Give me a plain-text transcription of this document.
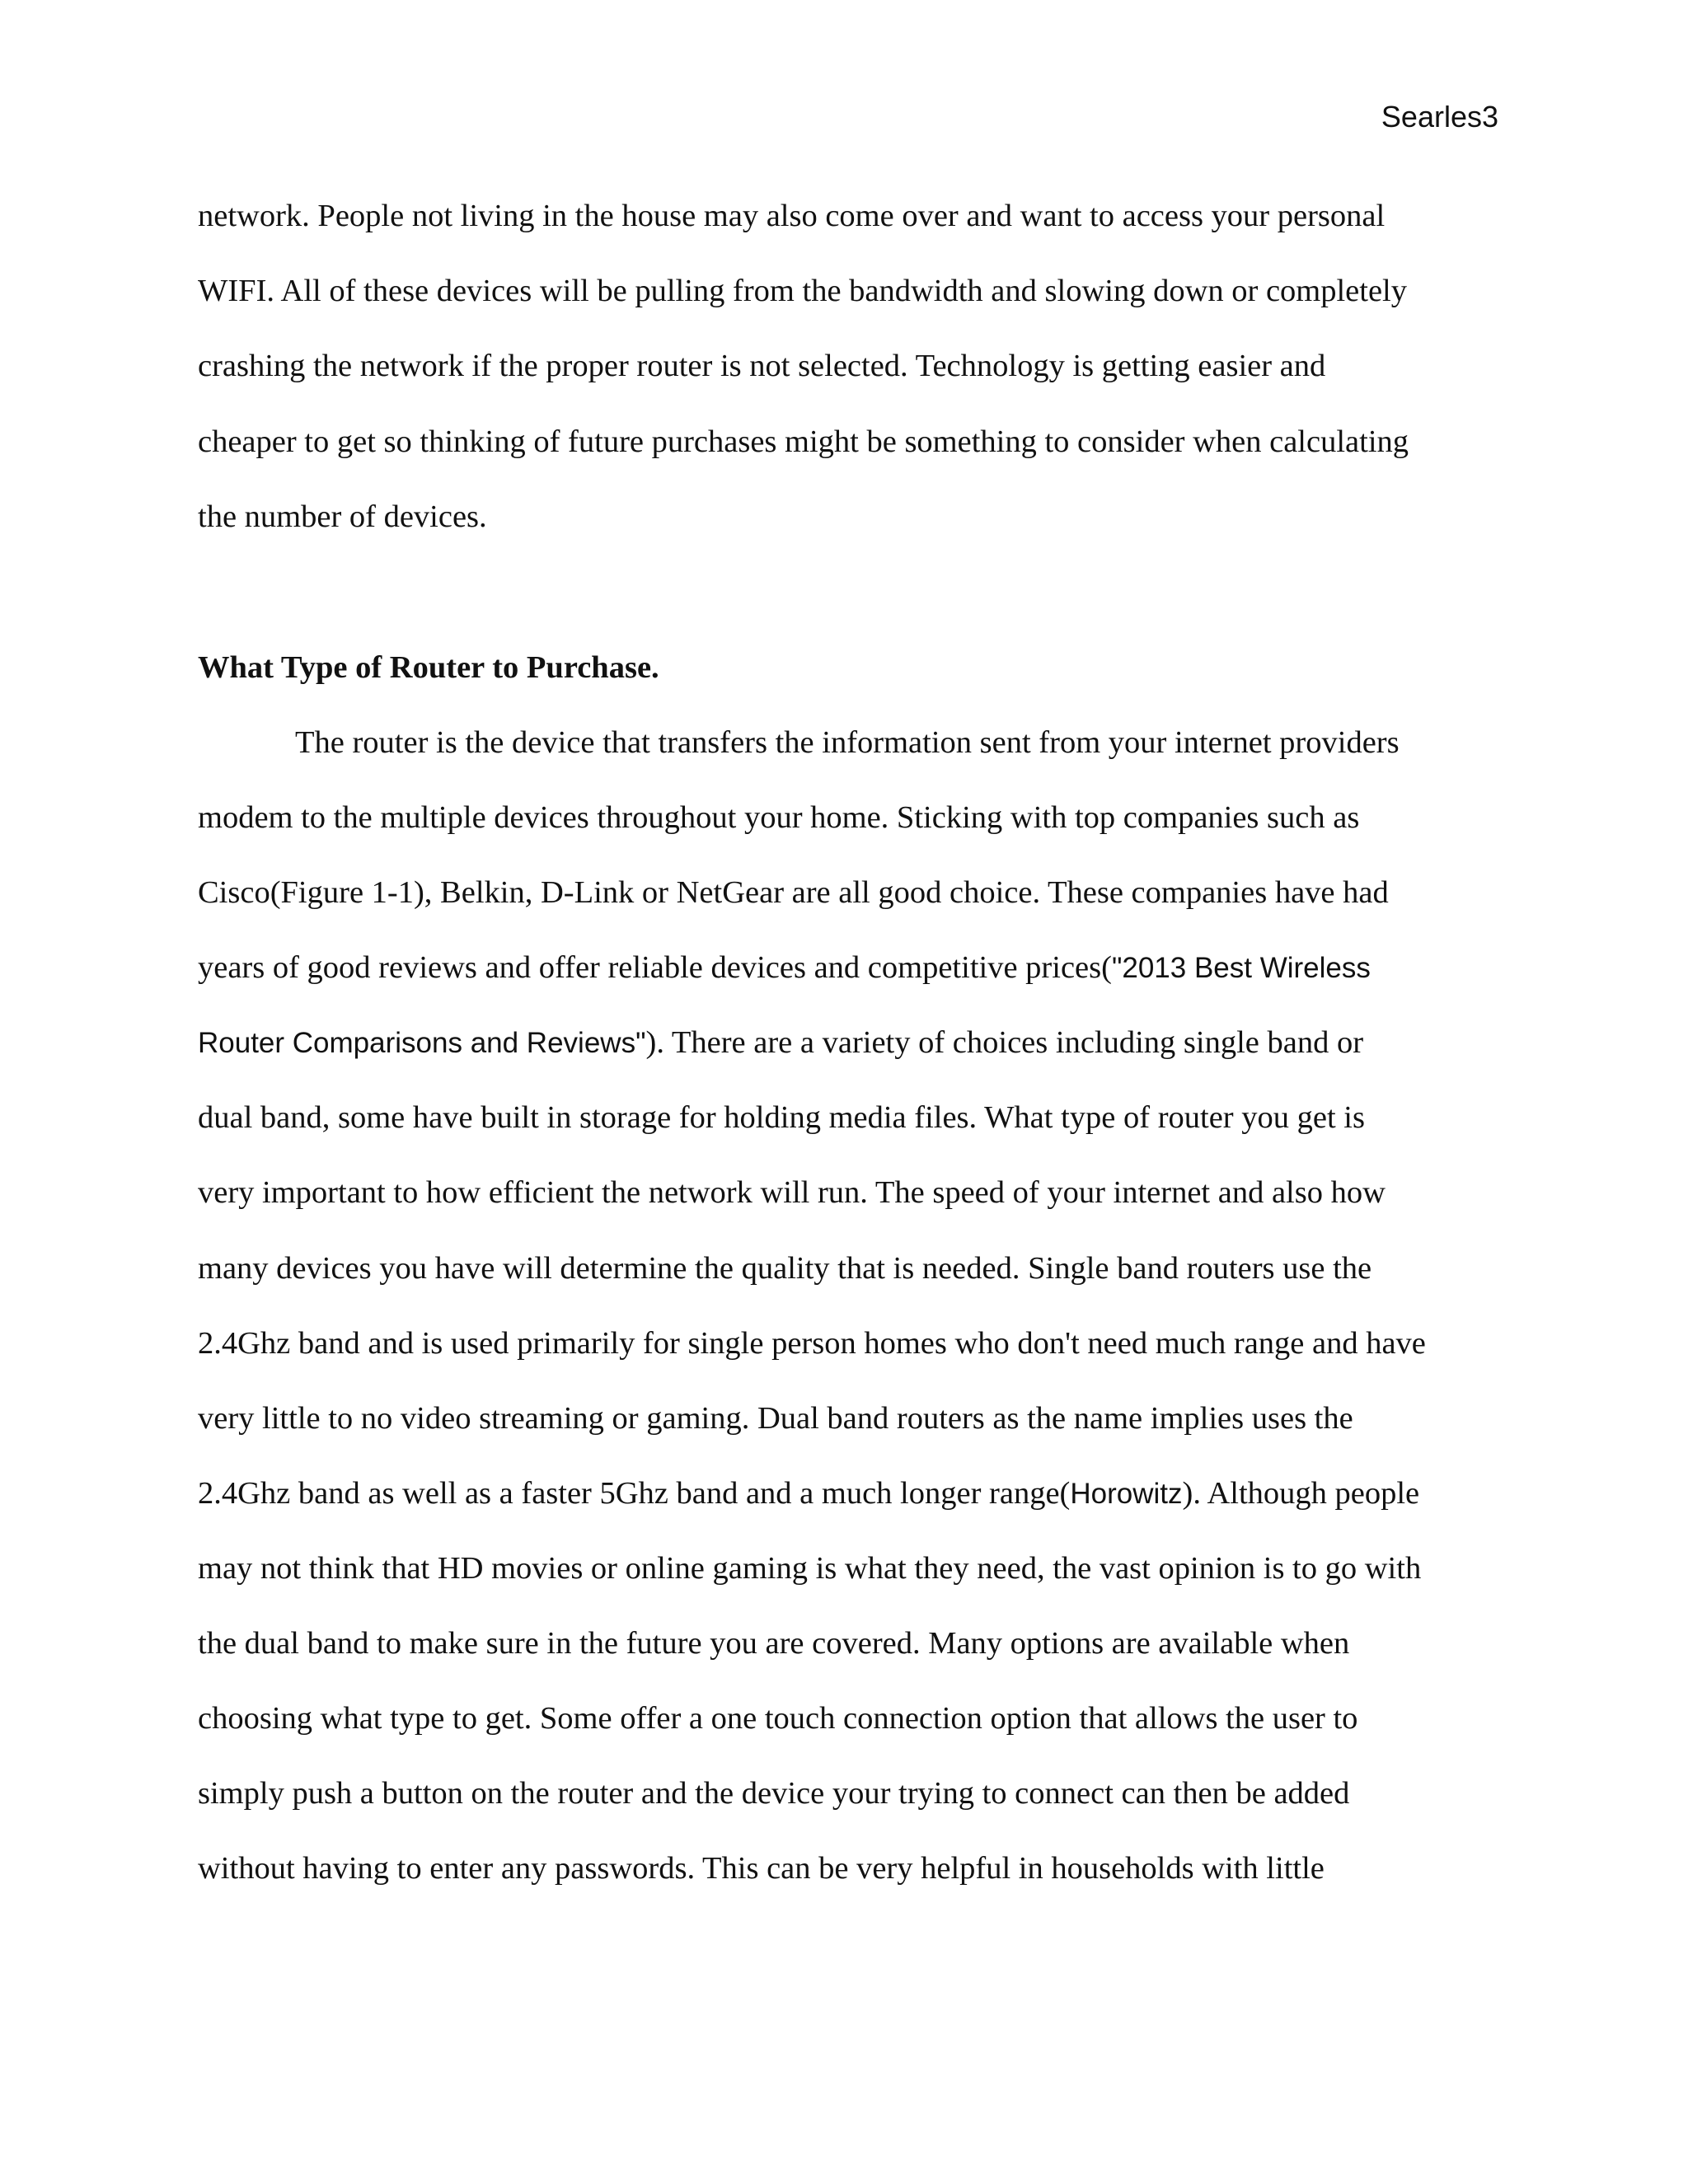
Searles3
network. People not living in the house may also come over and want to access your personal
WIFI. All of these devices will be pulling from the bandwidth and slowing down or completely
crashing the network if the proper router is not selected. Technology is getting easier and
cheaper to get so thinking of future purchases might be something to consider when calculating
the number of devices.
What Type of Router to Purchase.
The router is the device that transfers the information sent from your internet providers
modem to the multiple devices throughout your home. Sticking with top companies such as
Cisco(Figure 1-1), Belkin, D-Link or NetGear are all good choice. These companies have had
years of good reviews and offer reliable devices and competitive prices("2013 Best Wireless
Router Comparisons and Reviews"). There are a variety of choices including single band or
dual band, some have built in storage for holding media files. What type of router you get is
very important to how efficient the network will run. The speed of your internet and also how
many devices you have will determine the quality that is needed. Single band routers use the
2.4Ghz band and is used primarily for single person homes who don't need much range and have
very little to no video streaming or gaming. Dual band routers as the name implies uses the
2.4Ghz band as well as a faster 5Ghz band and a much longer range(Horowitz). Although people
may not think that HD movies or online gaming is what they need, the vast opinion is to go with
the dual band to make sure in the future you are covered. Many options are available when
choosing what type to get. Some offer a one touch connection option that allows the user to
simply push a button on the router and the device your trying to connect can then be added
without having to enter any passwords. This can be very helpful in households with little
